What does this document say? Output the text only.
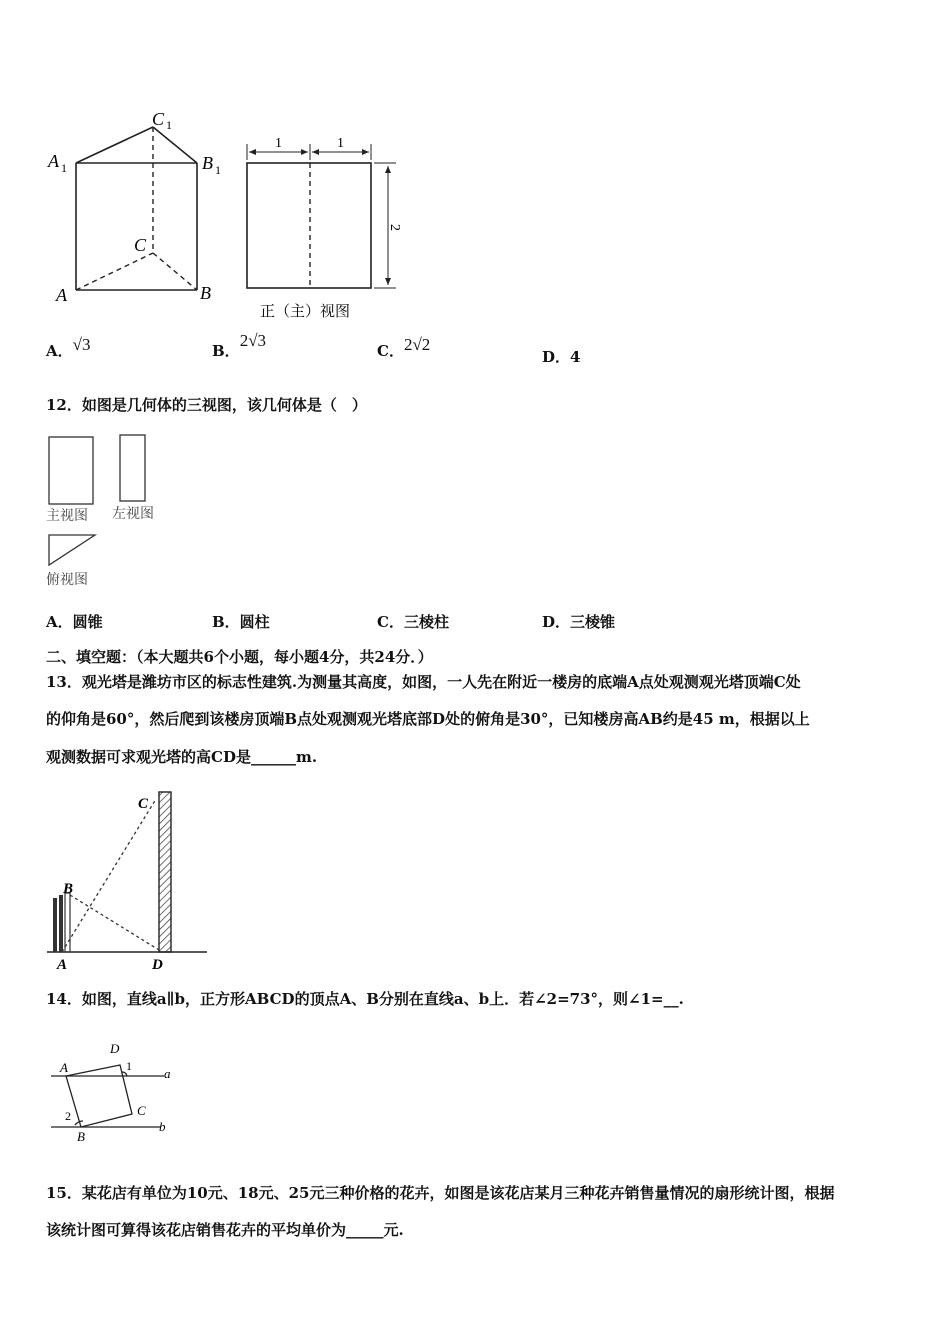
C 1
A 1	B 1
C
A	B
1	1
2
正（主）视图
A．√3	B．2√3
C．2√2
D．4
12．如图是几何体的三视图，该几何体是（　）
主视图 左视图
俯视图
A．圆锥	B．圆柱	C．三棱柱	D．三棱锥
二、填空题：（本大题共6个小题，每小题4分，共24分．）
13．观光塔是潍坊市区的标志性建筑.为测量其高度，如图，一人先在附近一楼房的底端A点处观测观光塔顶端C处
的仰角是60°，然后爬到该楼房顶端B点处观测观光塔底部D处的俯角是30°，已知楼房高AB约是45 m，根据以上
观测数据可求观光塔的高CD是______m.
C
B
A	D
14．如图，直线a∥b，正方形ABCD的顶点A、B分别在直线a、b上．若∠2=73°，则∠1=__.
D
A	1 a
C
2
B
b
15．某花店有单位为10元、18元、25元三种价格的花卉，如图是该花店某月三种花卉销售量情况的扇形统计图，根据
该统计图可算得该花店销售花卉的平均单价为_____元.
